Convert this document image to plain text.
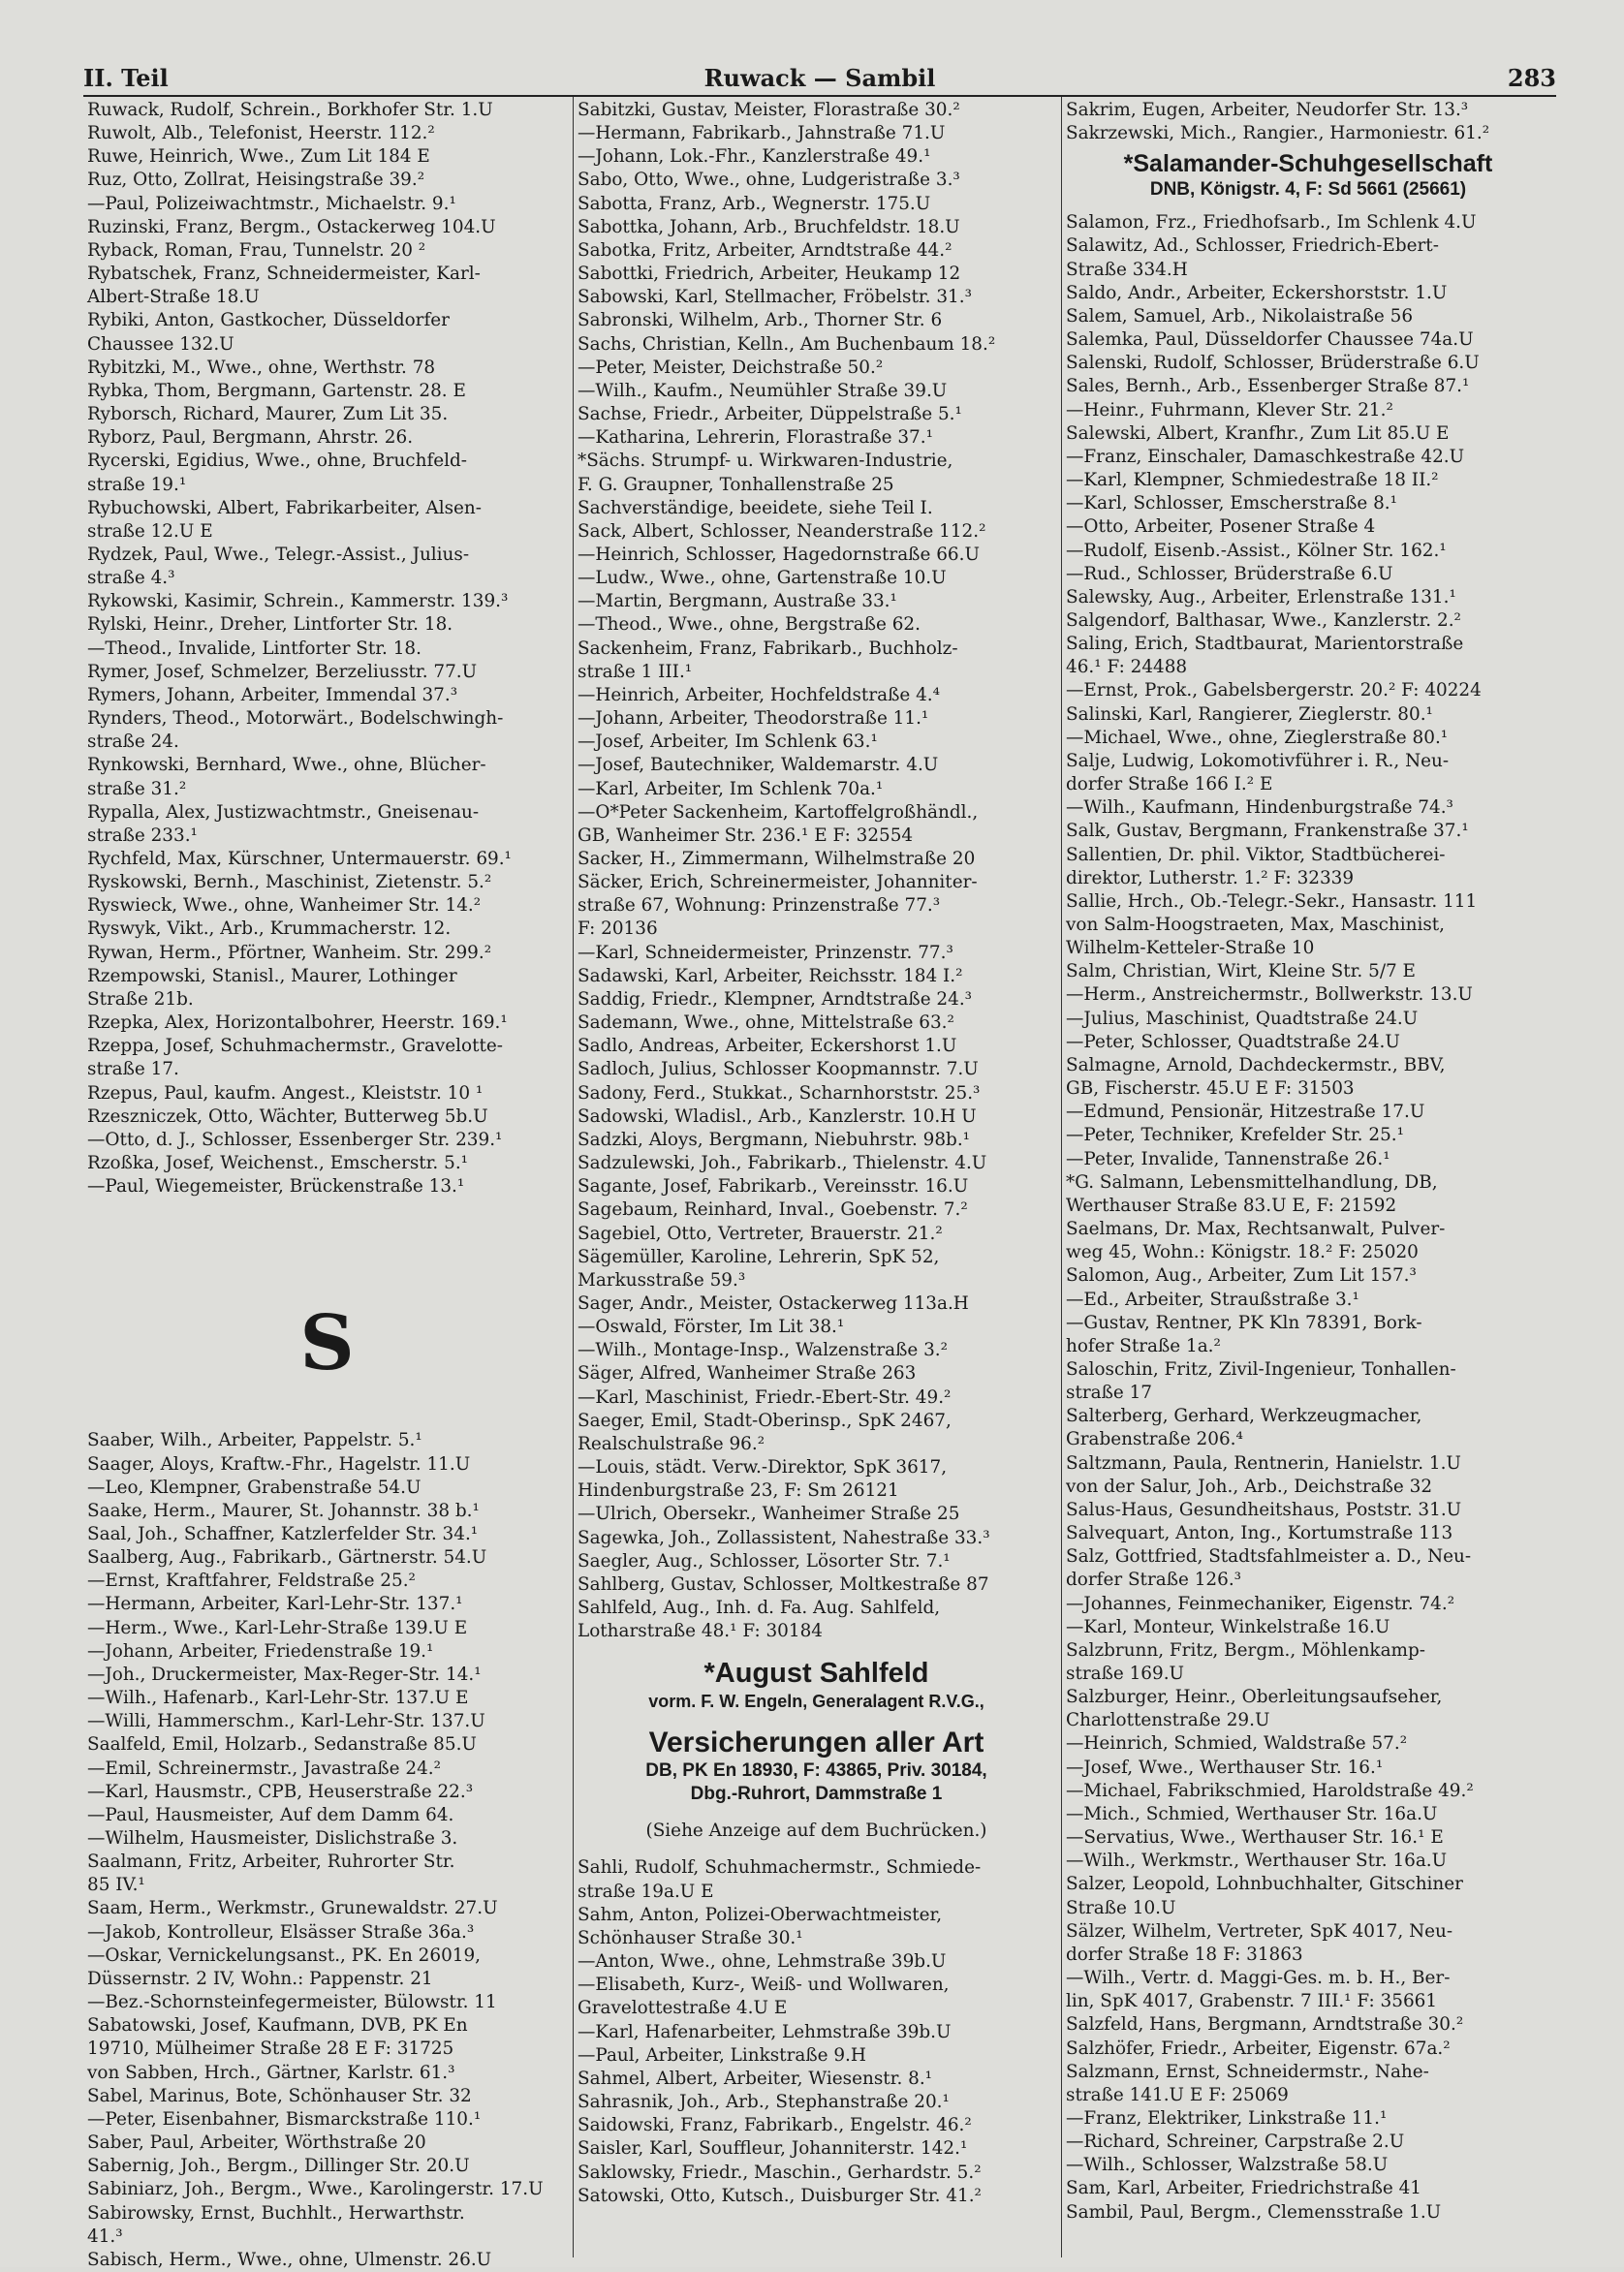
II. Teil	Ruwack — Sambil	283
Ruwack, Rudolf, Schrein., Borkhofer Str. 1.U
Ruwolt, Alb., Telefonist, Heerstr. 112.²
Ruwe, Heinrich, Wwe., Zum Lit 184 E
Ruz, Otto, Zollrat, Heisingstraße 39.²
—Paul, Polizeiwachtmstr., Michaelstr. 9.¹
Ruzinski, Franz, Bergm., Ostackerweg 104.U
Ryback, Roman, Frau, Tunnelstr. 20 ²
Rybatschek, Franz, Schneidermeister, Karl-
Albert-Straße 18.U
Rybiki, Anton, Gastkocher, Düsseldorfer
Chaussee 132.U
Rybitzki, M., Wwe., ohne, Werthstr. 78
Rybka, Thom, Bergmann, Gartenstr. 28. E
Ryborsch, Richard, Maurer, Zum Lit 35.
Ryborz, Paul, Bergmann, Ahrstr. 26.
Rycerski, Egidius, Wwe., ohne, Bruchfeld-
straße 19.¹
Rybuchowski, Albert, Fabrikarbeiter, Alsen-
straße 12.U E
Rydzek, Paul, Wwe., Telegr.-Assist., Julius-
straße 4.³
Rykowski, Kasimir, Schrein., Kammerstr. 139.³
Rylski, Heinr., Dreher, Lintforter Str. 18.
—Theod., Invalide, Lintforter Str. 18.
Rymer, Josef, Schmelzer, Berzeliusstr. 77.U
Rymers, Johann, Arbeiter, Immendal 37.³
Rynders, Theod., Motorwärt., Bodelschwingh-
straße 24.
Rynkowski, Bernhard, Wwe., ohne, Blücher-
straße 31.²
Rypalla, Alex, Justizwachtmstr., Gneisenau-
straße 233.¹
Rychfeld, Max, Kürschner, Untermauerstr. 69.¹
Ryskowski, Bernh., Maschinist, Zietenstr. 5.²
Ryswieck, Wwe., ohne, Wanheimer Str. 14.²
Ryswyk, Vikt., Arb., Krummacherstr. 12.
Rywan, Herm., Pförtner, Wanheim. Str. 299.²
Rzempowski, Stanisl., Maurer, Lothinger
Straße 21b.
Rzepka, Alex, Horizontalbohrer, Heerstr. 169.¹
Rzeppa, Josef, Schuhmachermstr., Gravelotte-
straße 17.
Rzepus, Paul, kaufm. Angest., Kleiststr. 10 ¹
Rzeszniczek, Otto, Wächter, Butterweg 5b.U
—Otto, d. J., Schlosser, Essenberger Str. 239.¹
Rzoßka, Josef, Weichenst., Emscherstr. 5.¹
—Paul, Wiegemeister, Brückenstraße 13.¹
S
Saaber, Wilh., Arbeiter, Pappelstr. 5.¹
Saager, Aloys, Kraftw.-Fhr., Hagelstr. 11.U
—Leo, Klempner, Grabenstraße 54.U
Saake, Herm., Maurer, St. Johannstr. 38 b.¹
Saal, Joh., Schaffner, Katzlerfelder Str. 34.¹
Saalberg, Aug., Fabrikarb., Gärtnerstr. 54.U
—Ernst, Kraftfahrer, Feldstraße 25.²
—Hermann, Arbeiter, Karl-Lehr-Str. 137.¹
—Herm., Wwe., Karl-Lehr-Straße 139.U E
—Johann, Arbeiter, Friedenstraße 19.¹
—Joh., Druckermeister, Max-Reger-Str. 14.¹
—Wilh., Hafenarb., Karl-Lehr-Str. 137.U E
—Willi, Hammerschm., Karl-Lehr-Str. 137.U
Saalfeld, Emil, Holzarb., Sedanstraße 85.U
—Emil, Schreinermstr., Javastraße 24.²
—Karl, Hausmstr., CPB, Heuserstraße 22.³
—Paul, Hausmeister, Auf dem Damm 64.
—Wilhelm, Hausmeister, Dislichstraße 3.
Saalmann, Fritz, Arbeiter, Ruhrorter Str.
85 IV.¹
Saam, Herm., Werkmstr., Grunewaldstr. 27.U
—Jakob, Kontrolleur, Elsässer Straße 36a.³
—Oskar, Vernickelungsanst., PK. En 26019,
Düssernstr. 2 IV, Wohn.: Pappenstr. 21
—Bez.-Schornsteinfegermeister, Bülowstr. 11
Sabatowski, Josef, Kaufmann, DVB, PK En
19710, Mülheimer Straße 28 E F: 31725
von Sabben, Hrch., Gärtner, Karlstr. 61.³
Sabel, Marinus, Bote, Schönhauser Str. 32
—Peter, Eisenbahner, Bismarckstraße 110.¹
Saber, Paul, Arbeiter, Wörthstraße 20
Sabernig, Joh., Bergm., Dillinger Str. 20.U
Sabiniarz, Joh., Bergm., Wwe., Karolingerstr. 17.U
Sabirowsky, Ernst, Buchhlt., Herwarthstr.
41.³
Sabisch, Herm., Wwe., ohne, Ulmenstr. 26.U
Sabitzki, Gustav, Meister, Florastraße 30.²
—Hermann, Fabrikarb., Jahnstraße 71.U
—Johann, Lok.-Fhr., Kanzlerstraße 49.¹
Sabo, Otto, Wwe., ohne, Ludgeristraße 3.³
Sabotta, Franz, Arb., Wegnerstr. 175.U
Sabottka, Johann, Arb., Bruchfeldstr. 18.U
Sabotka, Fritz, Arbeiter, Arndtstraße 44.²
Sabottki, Friedrich, Arbeiter, Heukamp 12
Sabowski, Karl, Stellmacher, Fröbelstr. 31.³
Sabronski, Wilhelm, Arb., Thorner Str. 6
Sachs, Christian, Kelln., Am Buchenbaum 18.²
—Peter, Meister, Deichstraße 50.²
—Wilh., Kaufm., Neumühler Straße 39.U
Sachse, Friedr., Arbeiter, Düppelstraße 5.¹
—Katharina, Lehrerin, Florastraße 37.¹
*Sächs. Strumpf- u. Wirkwaren-Industrie,
F. G. Graupner, Tonhallenstraße 25
Sachverständige, beeidete, siehe Teil I.
Sack, Albert, Schlosser, Neanderstraße 112.²
—Heinrich, Schlosser, Hagedornstraße 66.U
—Ludw., Wwe., ohne, Gartenstraße 10.U
—Martin, Bergmann, Austraße 33.¹
—Theod., Wwe., ohne, Bergstraße 62.
Sackenheim, Franz, Fabrikarb., Buchholz-
straße 1 III.¹
—Heinrich, Arbeiter, Hochfeldstraße 4.⁴
—Johann, Arbeiter, Theodorstraße 11.¹
—Josef, Arbeiter, Im Schlenk 63.¹
—Josef, Bautechniker, Waldemarstr. 4.U
—Karl, Arbeiter, Im Schlenk 70a.¹
—O*Peter Sackenheim, Kartoffelgroßhändl.,
GB, Wanheimer Str. 236.¹ E F: 32554
Sacker, H., Zimmermann, Wilhelmstraße 20
Säcker, Erich, Schreinermeister, Johanniter-
straße 67, Wohnung: Prinzenstraße 77.³
F: 20136
—Karl, Schneidermeister, Prinzenstr. 77.³
Sadawski, Karl, Arbeiter, Reichsstr. 184 I.²
Saddig, Friedr., Klempner, Arndtstraße 24.³
Sademann, Wwe., ohne, Mittelstraße 63.²
Sadlo, Andreas, Arbeiter, Eckershorst 1.U
Sadloch, Julius, Schlosser Koopmannstr. 7.U
Sadony, Ferd., Stukkat., Scharnhorststr. 25.³
Sadowski, Wladisl., Arb., Kanzlerstr. 10.H U
Sadzki, Aloys, Bergmann, Niebuhrstr. 98b.¹
Sadzulewski, Joh., Fabrikarb., Thielenstr. 4.U
Sagante, Josef, Fabrikarb., Vereinsstr. 16.U
Sagebaum, Reinhard, Inval., Goebenstr. 7.²
Sagebiel, Otto, Vertreter, Brauerstr. 21.²
Sägemüller, Karoline, Lehrerin, SpK 52,
Markusstraße 59.³
Sager, Andr., Meister, Ostackerweg 113a.H
—Oswald, Förster, Im Lit 38.¹
—Wilh., Montage-Insp., Walzenstraße 3.²
Säger, Alfred, Wanheimer Straße 263
—Karl, Maschinist, Friedr.-Ebert-Str. 49.²
Saeger, Emil, Stadt-Oberinsp., SpK 2467,
Realschulstraße 96.²
—Louis, städt. Verw.-Direktor, SpK 3617,
Hindenburgstraße 23, F: Sm 26121
—Ulrich, Obersekr., Wanheimer Straße 25
Sagewka, Joh., Zollassistent, Nahestraße 33.³
Saegler, Aug., Schlosser, Lösorter Str. 7.¹
Sahlberg, Gustav, Schlosser, Moltkestraße 87
Sahlfeld, Aug., Inh. d. Fa. Aug. Sahlfeld,
Lotharstraße 48.¹ F: 30184
*August Sahlfeld
vorm. F. W. Engeln, Generalagent R.V.G.,
Versicherungen aller Art
DB, PK En 18930, F: 43865, Priv. 30184,
Dbg.-Ruhrort, Dammstraße 1
(Siehe Anzeige auf dem Buchrücken.)
Sahli, Rudolf, Schuhmachermstr., Schmiede-
straße 19a.U E
Sahm, Anton, Polizei-Oberwachtmeister,
Schönhauser Straße 30.¹
—Anton, Wwe., ohne, Lehmstraße 39b.U
—Elisabeth, Kurz-, Weiß- und Wollwaren,
Gravelottestraße 4.U E
—Karl, Hafenarbeiter, Lehmstraße 39b.U
—Paul, Arbeiter, Linkstraße 9.H
Sahmel, Albert, Arbeiter, Wiesenstr. 8.¹
Sahrasnik, Joh., Arb., Stephanstraße 20.¹
Saidowski, Franz, Fabrikarb., Engelstr. 46.²
Saisler, Karl, Souffleur, Johanniterstr. 142.¹
Saklowsky, Friedr., Maschin., Gerhardstr. 5.²
Satowski, Otto, Kutsch., Duisburger Str. 41.²
Sakrim, Eugen, Arbeiter, Neudorfer Str. 13.³
Sakrzewski, Mich., Rangier., Harmoniestr. 61.²
*Salamander-Schuhgesellschaft
DNB, Königstr. 4, F: Sd 5661 (25661)
Salamon, Frz., Friedhofsarb., Im Schlenk 4.U
Salawitz, Ad., Schlosser, Friedrich-Ebert-
Straße 334.H
Saldo, Andr., Arbeiter, Eckershorststr. 1.U
Salem, Samuel, Arb., Nikolaistraße 56
Salemka, Paul, Düsseldorfer Chaussee 74a.U
Salenski, Rudolf, Schlosser, Brüderstraße 6.U
Sales, Bernh., Arb., Essenberger Straße 87.¹
—Heinr., Fuhrmann, Klever Str. 21.²
Salewski, Albert, Kranfhr., Zum Lit 85.U E
—Franz, Einschaler, Damaschkestraße 42.U
—Karl, Klempner, Schmiedestraße 18 II.²
—Karl, Schlosser, Emscherstraße 8.¹
—Otto, Arbeiter, Posener Straße 4
—Rudolf, Eisenb.-Assist., Kölner Str. 162.¹
—Rud., Schlosser, Brüderstraße 6.U
Salewsky, Aug., Arbeiter, Erlenstraße 131.¹
Salgendorf, Balthasar, Wwe., Kanzlerstr. 2.²
Saling, Erich, Stadtbaurat, Marientorstraße
46.¹ F: 24488
—Ernst, Prok., Gabelsbergerstr. 20.² F: 40224
Salinski, Karl, Rangierer, Zieglerstr. 80.¹
—Michael, Wwe., ohne, Zieglerstraße 80.¹
Salje, Ludwig, Lokomotivführer i. R., Neu-
dorfer Straße 166 I.² E
—Wilh., Kaufmann, Hindenburgstraße 74.³
Salk, Gustav, Bergmann, Frankenstraße 37.¹
Sallentien, Dr. phil. Viktor, Stadtbücherei-
direktor, Lutherstr. 1.² F: 32339
Sallie, Hrch., Ob.-Telegr.-Sekr., Hansastr. 111
von Salm-Hoogstraeten, Max, Maschinist,
Wilhelm-Ketteler-Straße 10
Salm, Christian, Wirt, Kleine Str. 5/7 E
—Herm., Anstreichermstr., Bollwerkstr. 13.U
—Julius, Maschinist, Quadtstraße 24.U
—Peter, Schlosser, Quadtstraße 24.U
Salmagne, Arnold, Dachdeckermstr., BBV,
GB, Fischerstr. 45.U E F: 31503
—Edmund, Pensionär, Hitzestraße 17.U
—Peter, Techniker, Krefelder Str. 25.¹
—Peter, Invalide, Tannenstraße 26.¹
*G. Salmann, Lebensmittelhandlung, DB,
Werthauser Straße 83.U E, F: 21592
Saelmans, Dr. Max, Rechtsanwalt, Pulver-
weg 45, Wohn.: Königstr. 18.² F: 25020
Salomon, Aug., Arbeiter, Zum Lit 157.³
—Ed., Arbeiter, Straußstraße 3.¹
—Gustav, Rentner, PK Kln 78391, Bork-
hofer Straße 1a.²
Saloschin, Fritz, Zivil-Ingenieur, Tonhallen-
straße 17
Salterberg, Gerhard, Werkzeugmacher,
Grabenstraße 206.⁴
Saltzmann, Paula, Rentnerin, Hanielstr. 1.U
von der Salur, Joh., Arb., Deichstraße 32
Salus-Haus, Gesundheitshaus, Poststr. 31.U
Salvequart, Anton, Ing., Kortumstraße 113
Salz, Gottfried, Stadtsfahlmeister a. D., Neu-
dorfer Straße 126.³
—Johannes, Feinmechaniker, Eigenstr. 74.²
—Karl, Monteur, Winkelstraße 16.U
Salzbrunn, Fritz, Bergm., Möhlenkamp-
straße 169.U
Salzburger, Heinr., Oberleitungsaufseher,
Charlottenstraße 29.U
—Heinrich, Schmied, Waldstraße 57.²
—Josef, Wwe., Werthauser Str. 16.¹
—Michael, Fabrikschmied, Haroldstraße 49.²
—Mich., Schmied, Werthauser Str. 16a.U
—Servatius, Wwe., Werthauser Str. 16.¹ E
—Wilh., Werkmstr., Werthauser Str. 16a.U
Salzer, Leopold, Lohnbuchhalter, Gitschiner
Straße 10.U
Sälzer, Wilhelm, Vertreter, SpK 4017, Neu-
dorfer Straße 18 F: 31863
—Wilh., Vertr. d. Maggi-Ges. m. b. H., Ber-
lin, SpK 4017, Grabenstr. 7 III.¹ F: 35661
Salzfeld, Hans, Bergmann, Arndtstraße 30.²
Salzhöfer, Friedr., Arbeiter, Eigenstr. 67a.²
Salzmann, Ernst, Schneidermstr., Nahe-
straße 141.U E F: 25069
—Franz, Elektriker, Linkstraße 11.¹
—Richard, Schreiner, Carpstraße 2.U
—Wilh., Schlosser, Walzstraße 58.U
Sam, Karl, Arbeiter, Friedrichstraße 41
Sambil, Paul, Bergm., Clemensstraße 1.U
